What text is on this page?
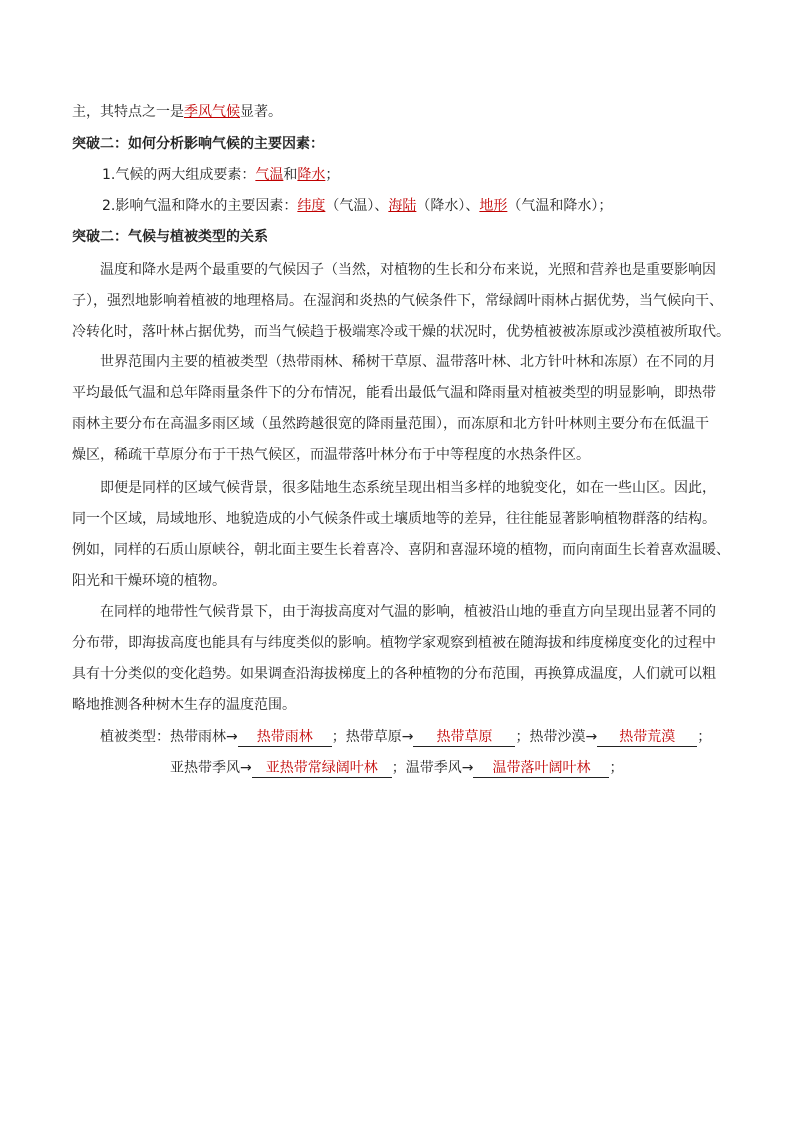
主，其特点之一是季风气候显著。
突破二：如何分析影响气候的主要因素：
1.气候的两大组成要素：气温和降水；
2.影响气温和降水的主要因素：纬度（气温）、海陆（降水）、地形（气温和降水）；
突破二：气候与植被类型的关系
温度和降水是两个最重要的气候因子（当然，对植物的生长和分布来说，光照和营养也是重要影响因
子），强烈地影响着植被的地理格局。在湿润和炎热的气候条件下，常绿阔叶雨林占据优势，当气候向干、
冷转化时，落叶林占据优势，而当气候趋于极端寒冷或干燥的状况时，优势植被被冻原或沙漠植被所取代。
世界范围内主要的植被类型（热带雨林、稀树干草原、温带落叶林、北方针叶林和冻原）在不同的月
平均最低气温和总年降雨量条件下的分布情况，能看出最低气温和降雨量对植被类型的明显影响，即热带
雨林主要分布在高温多雨区域（虽然跨越很宽的降雨量范围），而冻原和北方针叶林则主要分布在低温干
燥区，稀疏干草原分布于干热气候区，而温带落叶林分布于中等程度的水热条件区。
即便是同样的区域气候背景，很多陆地生态系统呈现出相当多样的地貌变化，如在一些山区。因此，
同一个区域，局域地形、地貌造成的小气候条件或土壤质地等的差异，往往能显著影响植物群落的结构。
例如，同样的石质山原峡谷，朝北面主要生长着喜冷、喜阴和喜湿环境的植物，而向南面生长着喜欢温暖、
阳光和干燥环境的植物。
在同样的地带性气候背景下，由于海拔高度对气温的影响，植被沿山地的垂直方向呈现出显著不同的
分布带，即海拔高度也能具有与纬度类似的影响。植物学家观察到植被在随海拔和纬度梯度变化的过程中
具有十分类似的变化趋势。如果调查沿海拔梯度上的各种植物的分布范围，再换算成温度，人们就可以粗
略地推测各种树木生存的温度范围。
植被类型：热带雨林→ 热带雨林 ；热带草原→ 热带草原 ；热带沙漠→ 热带荒漠 ；
亚热带季风→ 亚热带常绿阔叶林 ；温带季风→ 温带落叶阔叶林 ；
